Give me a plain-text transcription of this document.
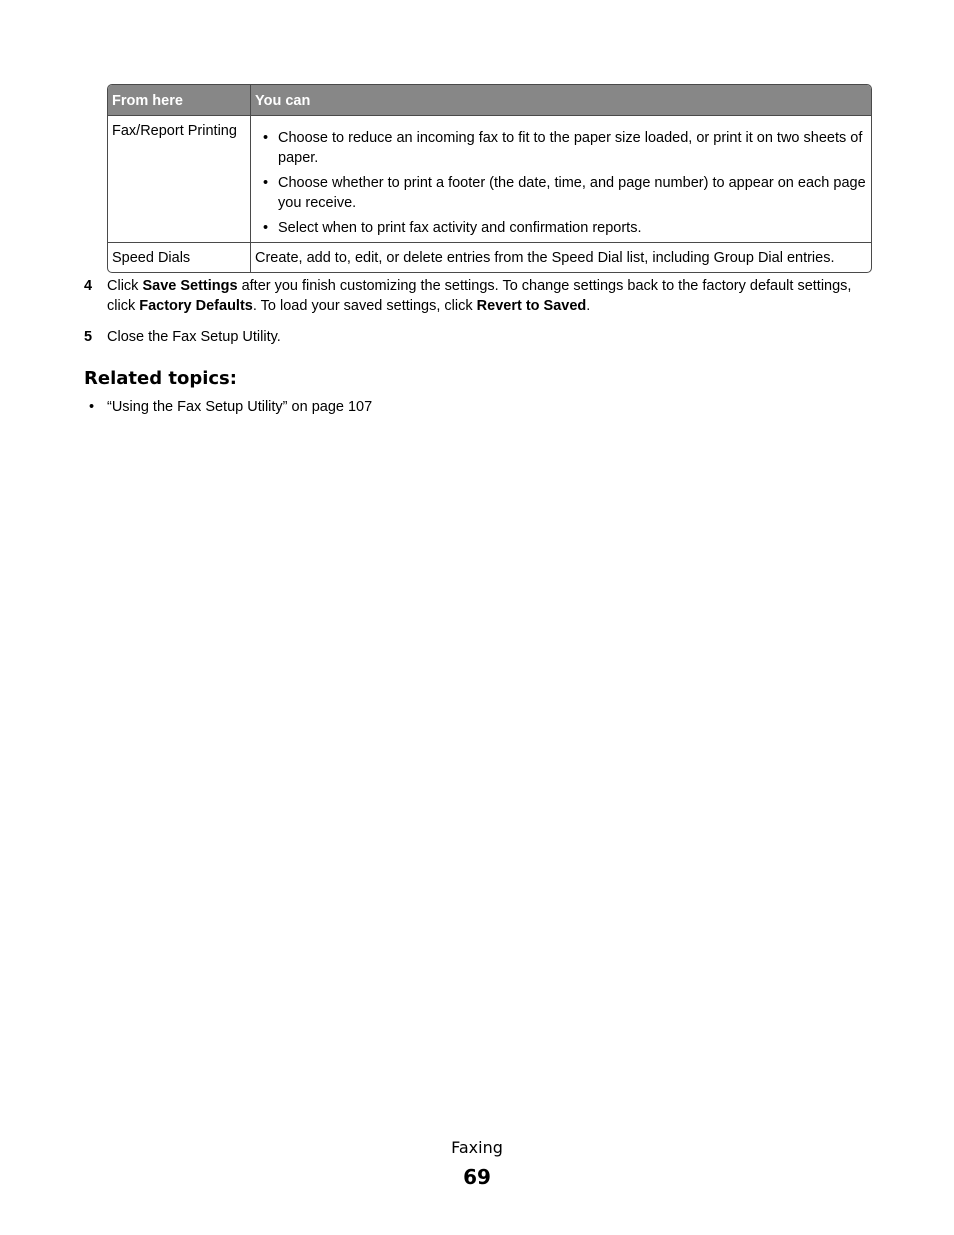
From here	You can
Fax/Report Printing	• Choose to reduce an incoming fax to fit to the paper size loaded, or print it on two sheets of paper.
• Choose whether to print a footer (the date, time, and page number) to appear on each page you receive.
• Select when to print fax activity and confirmation reports.
Speed Dials	Create, add to, edit, or delete entries from the Speed Dial list, including Group Dial entries.
4	Click Save Settings after you finish customizing the settings. To change settings back to the factory default settings, click Factory Defaults. To load your saved settings, click Revert to Saved.
5	Close the Fax Setup Utility.
Related topics:
• “Using the Fax Setup Utility” on page 107
Faxing
69
